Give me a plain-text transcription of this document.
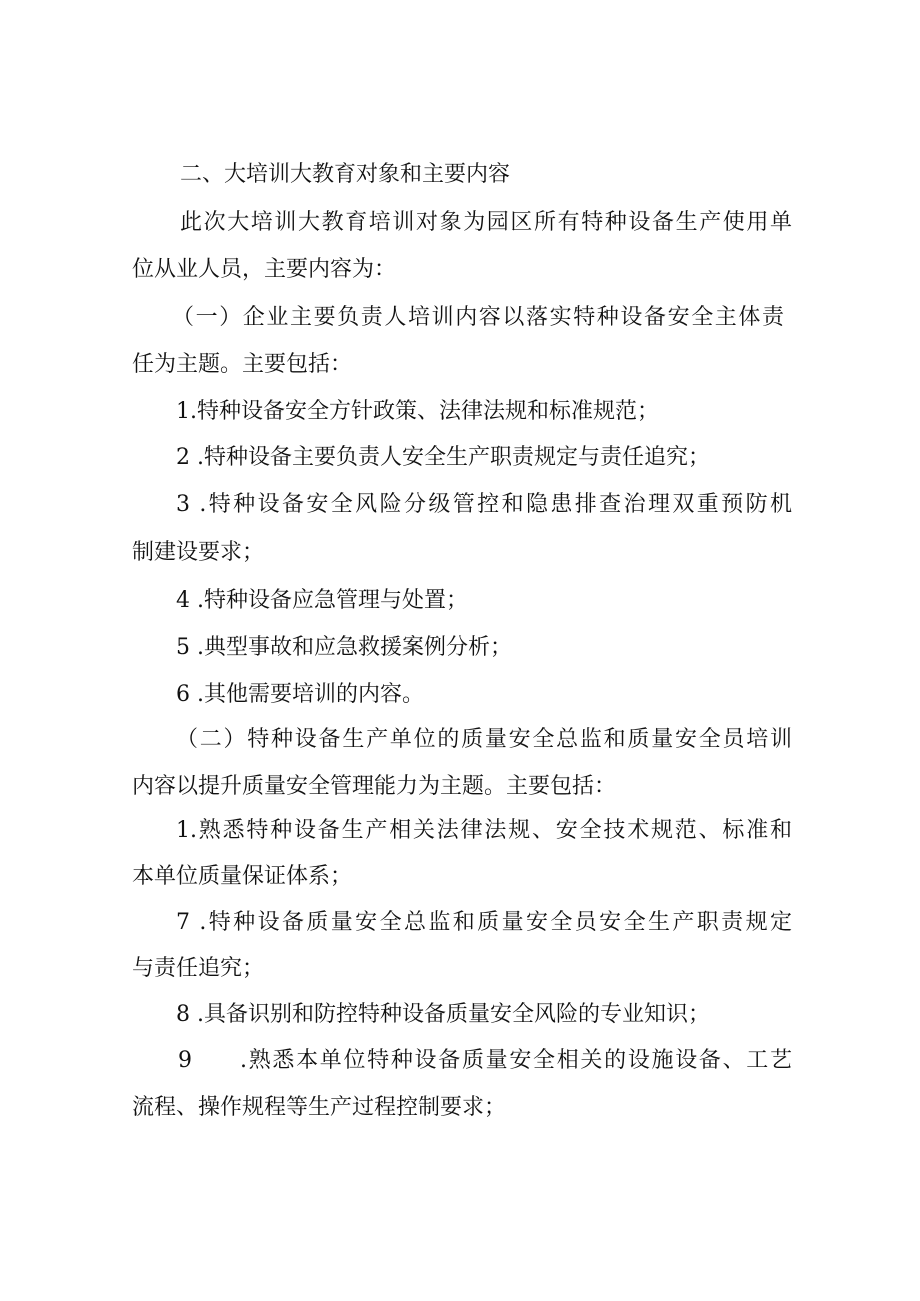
二、大培训大教育对象和主要内容
此次大培训大教育培训对象为园区所有特种设备生产使用单
位从业人员，主要内容为：
（一）企业主要负责人培训内容以落实特种设备安全主体责
任为主题。主要包括：
1.特种设备安全方针政策、法律法规和标准规范；
2 .特种设备主要负责人安全生产职责规定与责任追究；
3 .特种设备安全风险分级管控和隐患排查治理双重预防机
制建设要求；
4 .特种设备应急管理与处置；
5 .典型事故和应急救援案例分析；
6 .其他需要培训的内容。
（二）特种设备生产单位的质量安全总监和质量安全员培训
内容以提升质量安全管理能力为主题。主要包括：
1.熟悉特种设备生产相关法律法规、安全技术规范、标准和
本单位质量保证体系；
7 .特种设备质量安全总监和质量安全员安全生产职责规定
与责任追究；
8 .具备识别和防控特种设备质量安全风险的专业知识；
9 .熟悉本单位特种设备质量安全相关的设施设备、工艺
流程、操作规程等生产过程控制要求；
